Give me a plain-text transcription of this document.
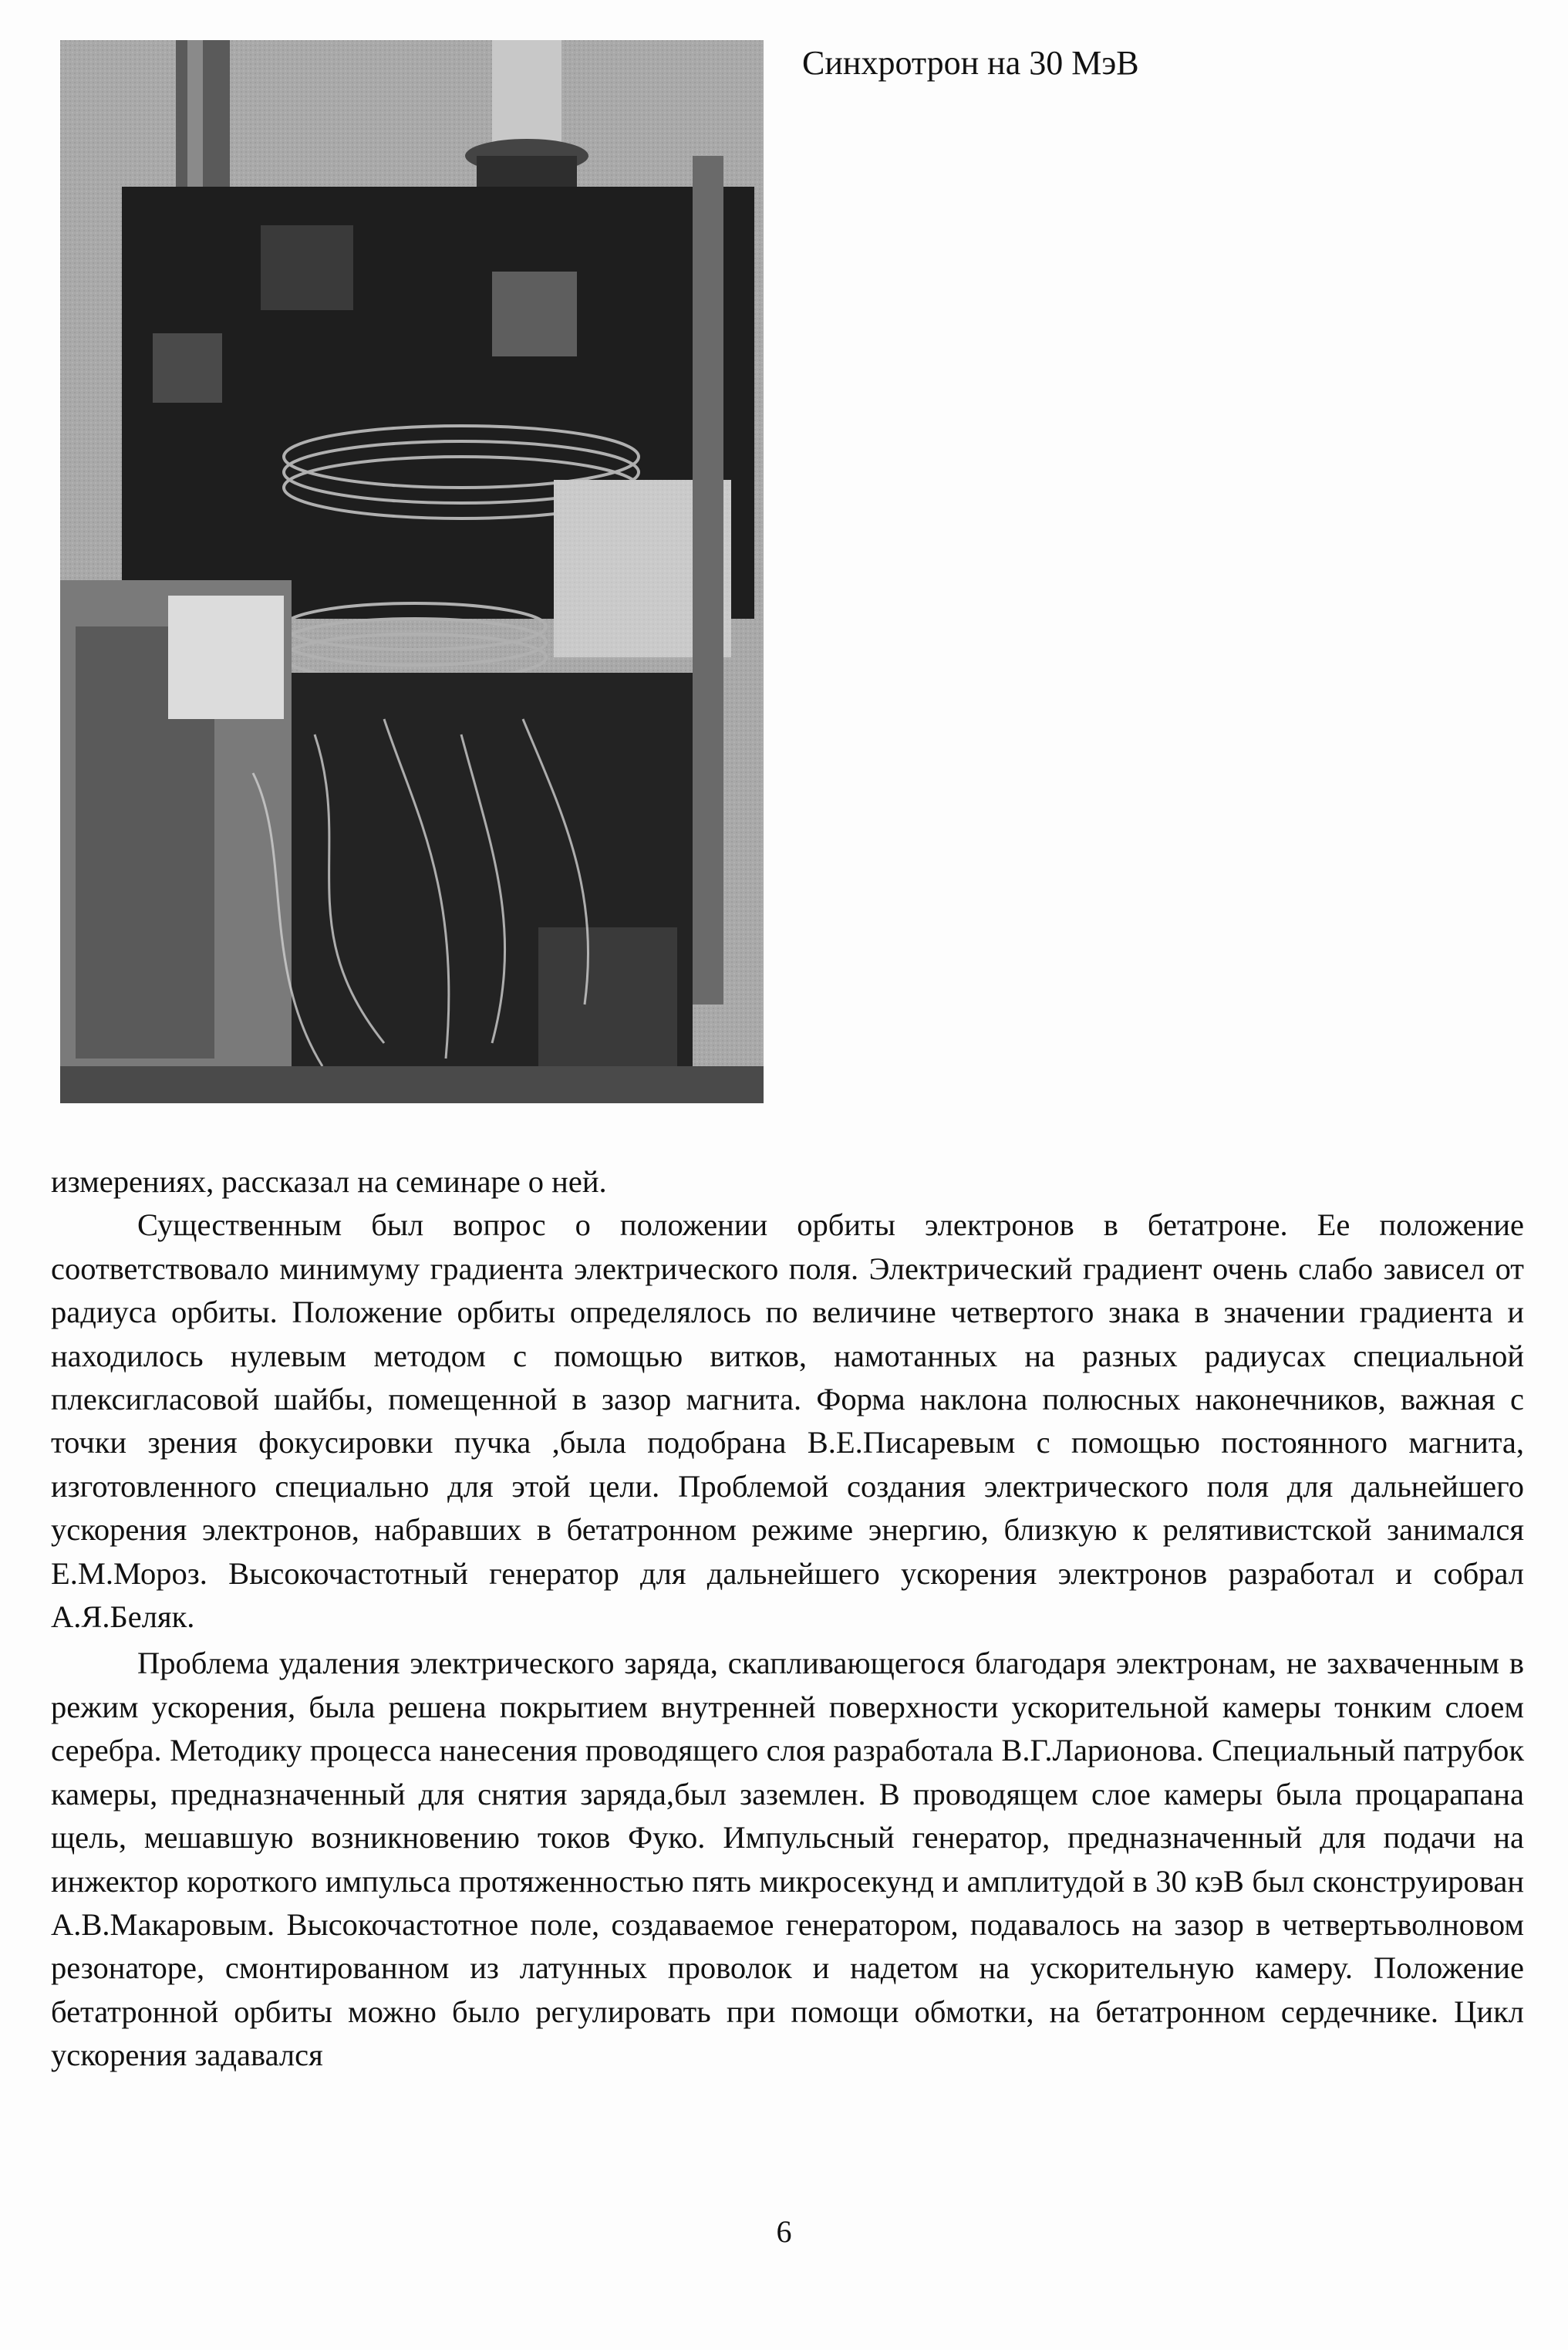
Синхротрон на 30 МэВ

измерениях, рассказал на семинаре о ней.

Существенным был вопрос о положении орбиты электронов в бетатроне. Ее положение соответствовало минимуму градиента электрического поля. Электрический градиент очень слабо зависел от радиуса орбиты. Положение орбиты определялось по величине четвертого знака в значении градиента и находилось нулевым методом с помощью витков, намотанных на разных радиусах специальной плексигласовой шайбы, помещенной в зазор магнита. Форма наклона полюсных наконечников, важная с точки зрения фокусировки пучка ,была подобрана В.Е.Писаревым с помощью постоянного магнита, изготовленного специально для этой цели. Проблемой создания электрического поля для дальнейшего ускорения электронов, набравших в бетатронном режиме энергию, близкую к релятивистской занимался Е.М.Мороз. Высокочастотный генератор для дальнейшего ускорения электронов разработал и собрал А.Я.Беляк.

Проблема удаления электрического заряда, скапливающегося благодаря электронам, не захваченным в режим ускорения, была решена покрытием внутренней поверхности ускорительной камеры тонким слоем серебра. Методику процесса нанесения проводящего слоя разработала В.Г.Ларионова. Специальный патрубок камеры, предназначенный для снятия заряда,был заземлен. В проводящем слое камеры была процарапана щель, мешавшую возникновению токов Фуко. Импульсный генератор, предназначенный для подачи на инжектор короткого импульса протяженностью пять микросекунд и амплитудой в 30 кэВ был сконструирован А.В.Макаровым. Высокочастотное поле, создаваемое генератором, подавалось на зазор в четвертьволновом резонаторе, смонтированном из латунных проволок и надетом на ускорительную камеру. Положение бетатронной орбиты можно было регулировать при помощи обмотки, на бетатронном сердечнике. Цикл ускорения задавался

6
